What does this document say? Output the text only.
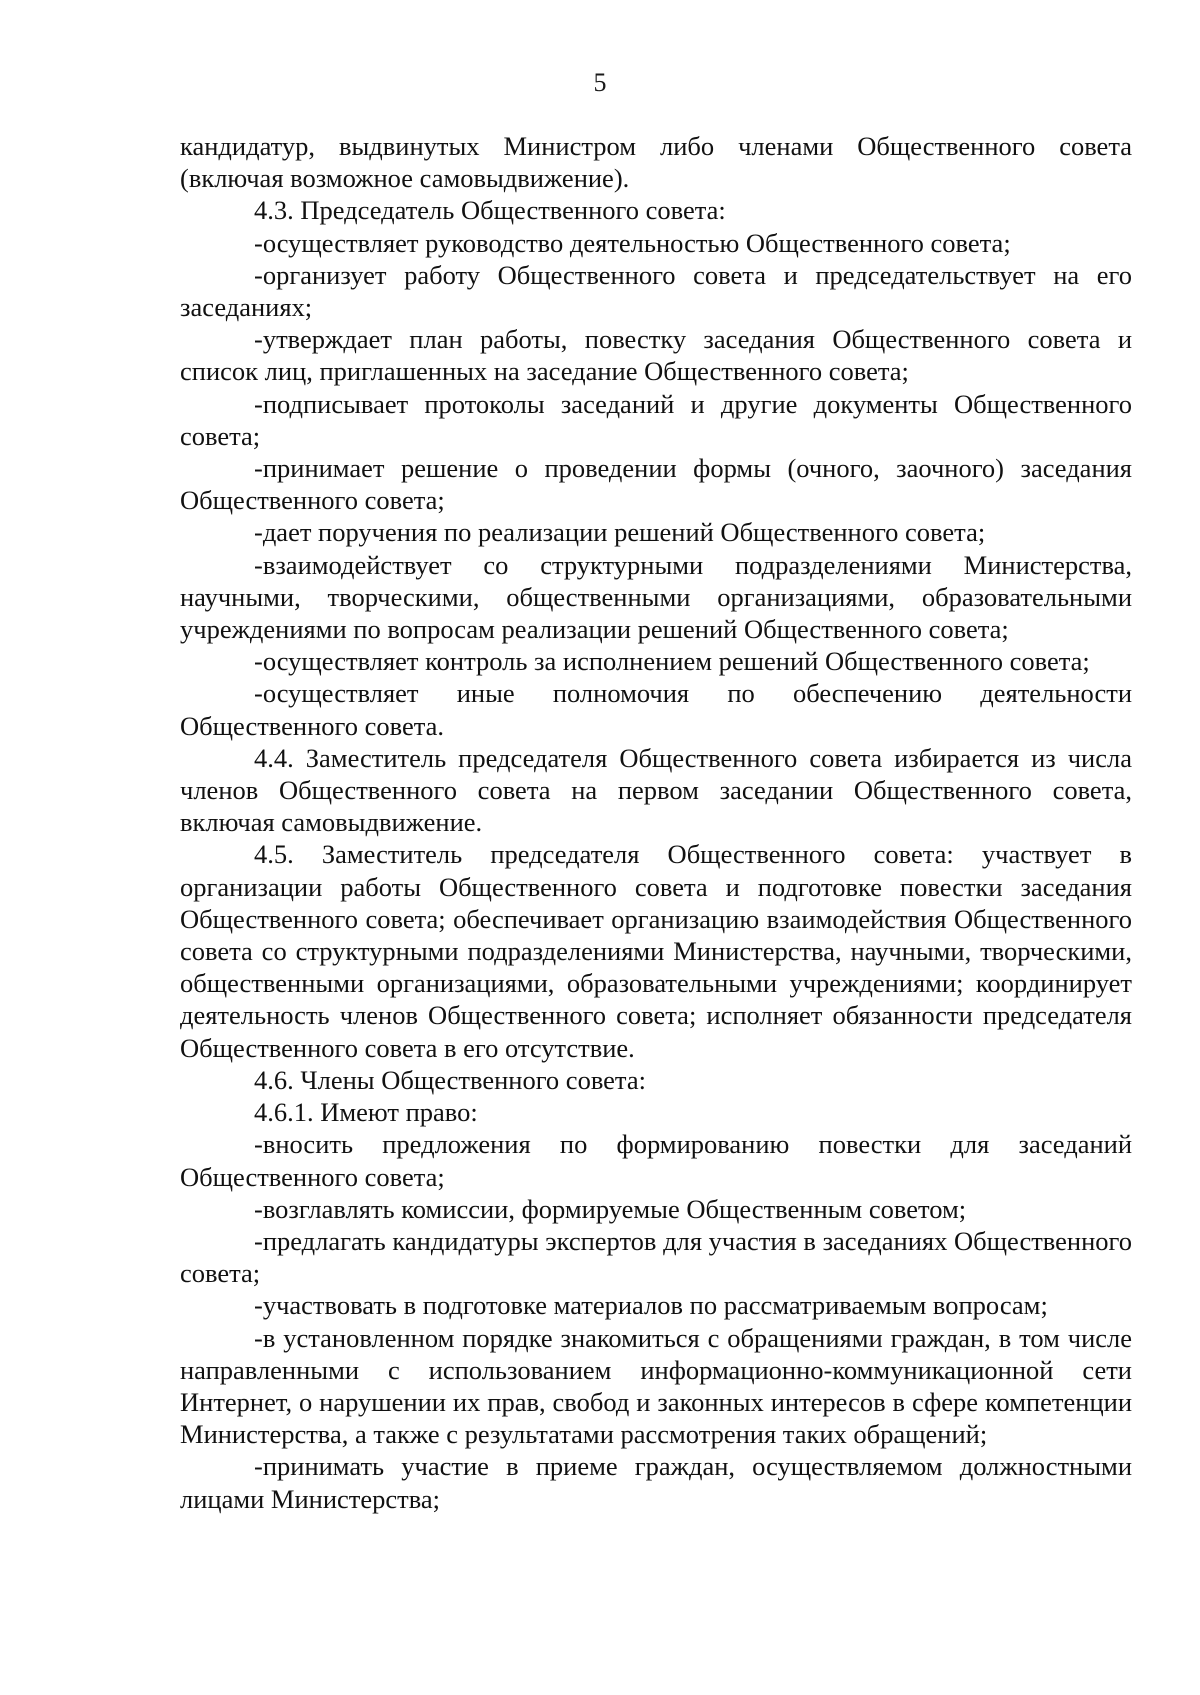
5

кандидатур, выдвинутых Министром либо членами Общественного совета (включая возможное самовыдвижение).

4.3. Председатель Общественного совета:

-осуществляет руководство деятельностью Общественного совета;

-организует работу Общественного совета и председательствует на его заседаниях;

-утверждает план работы, повестку заседания Общественного совета и список лиц, приглашенных на заседание Общественного совета;

-подписывает протоколы заседаний и другие документы Общественного совета;

-принимает решение о проведении формы (очного, заочного) заседания Общественного совета;

-дает поручения по реализации решений Общественного совета;

-взаимодействует со структурными подразделениями Министерства, научными, творческими, общественными организациями, образовательными учреждениями по вопросам реализации решений Общественного совета;

-осуществляет контроль за исполнением решений Общественного совета;

-осуществляет иные полномочия по обеспечению деятельности Общественного совета.

4.4. Заместитель председателя Общественного совета избирается из числа членов Общественного совета на первом заседании Общественного совета, включая самовыдвижение.

4.5. Заместитель председателя Общественного совета: участвует в организации работы Общественного совета и подготовке повестки заседания Общественного совета; обеспечивает организацию взаимодействия Общественного совета со структурными подразделениями Министерства, научными, творческими, общественными организациями, образовательными учреждениями; координирует деятельность членов Общественного совета; исполняет обязанности председателя Общественного совета в его отсутствие.

4.6. Члены Общественного совета:

4.6.1. Имеют право:

-вносить предложения по формированию повестки для заседаний Общественного совета;

-возглавлять комиссии, формируемые Общественным советом;

-предлагать кандидатуры экспертов для участия в заседаниях Общественного совета;

-участвовать в подготовке материалов по рассматриваемым вопросам;

-в установленном порядке знакомиться с обращениями граждан, в том числе направленными с использованием информационно-коммуникационной сети Интернет, о нарушении их прав, свобод и законных интересов в сфере компетенции Министерства, а также с результатами рассмотрения таких обращений;

-принимать участие в приеме граждан, осуществляемом должностными лицами Министерства;
